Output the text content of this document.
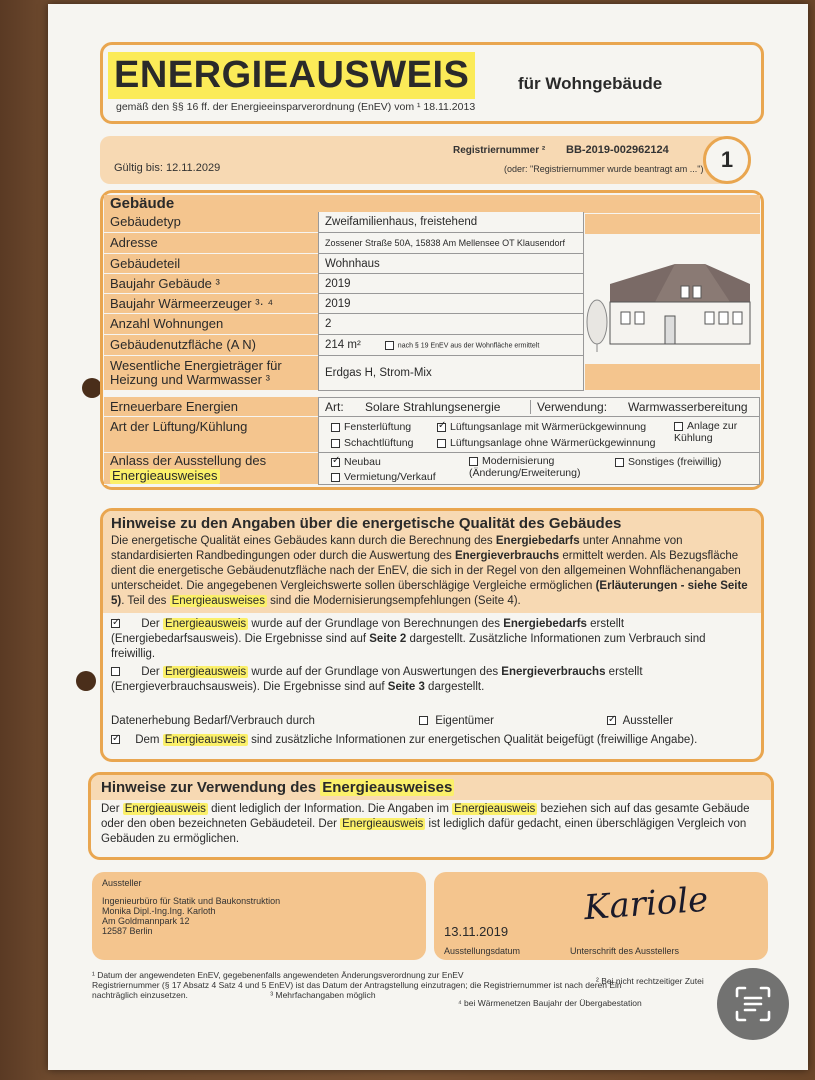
ENERGIEAUSWEIS	für Wohngebäude
gemäß den §§ 16 ff. der Energieeinsparverordnung (EnEV) vom ¹ 18.11.2013
Gültig bis: 12.11.2029
Registriernummer ² BB-2019-002962124
(oder: "Registriernummer wurde beantragt am ...") 1
Gebäude
Gebäudetyp	Zweifamilienhaus, freistehend
Adresse	Zossener Straße 50A, 15838 Am Mellensee OT Klausendorf
Gebäudeteil	Wohnhaus
Baujahr Gebäude ³	2019
Baujahr Wärmeerzeuger ³· ⁴	2019
Anzahl Wohnungen	2
Gebäudenutzfläche (A N)	214 m²	nach § 19 EnEV aus der Wohnfläche ermittelt
Wesentliche Energieträger für Heizung und Warmwasser ³	Erdgas H, Strom-Mix
Erneuerbare Energien	Art: Solare Strahlungsenergie	Verwendung:	Warmwasserbereitung
Art der Lüftung/Kühlung	Fensterlüftung ✓	Lüftungsanlage mit Wärmerückgewinnung	Anlage zur Kühlung
Schachtlüftung	Lüftungsanlage ohne Wärmerückgewinnung
Anlass der Ausstellung des
Energieausweises
✓Neubau	Modernisierung (Änderung/Erweiterung)
Sonstiges (freiwillig)
Vermietung/Verkauf
Hinweise zu den Angaben über die energetische Qualität des Gebäudes
Die energetische Qualität eines Gebäudes kann durch die Berechnung des Energiebedarfs unter Annahme von standardisierten Randbedingungen oder durch die Auswertung des Energieverbrauchs ermittelt werden. Als Bezugsfläche dient die energetische Gebäudenutzfläche nach der EnEV, die sich in der Regel von den allgemeinen Wohnflächenangaben unterscheidet. Die angegebenen Vergleichswerte sollen überschlägige Vergleiche ermöglichen (Erläuterungen - siehe Seite 5). Teil des Energieausweises sind die Modernisierungsempfehlungen (Seite 4).
✓ Der Energieausweis wurde auf der Grundlage von Berechnungen des Energiebedarfs erstellt (Energiebedarfsausweis). Die Ergebnisse sind auf Seite 2 dargestellt. Zusätzliche Informationen zum Verbrauch sind freiwillig.
Der Energieausweis wurde auf der Grundlage von Auswertungen des Energieverbrauchs erstellt (Energieverbrauchsausweis). Die Ergebnisse sind auf Seite 3 dargestellt.
Datenerhebung Bedarf/Verbrauch durch	Eigentümer ✓	Aussteller
✓ Dem Energieausweis sind zusätzliche Informationen zur energetischen Qualität beigefügt (freiwillige Angabe).
Hinweise zur Verwendung des Energieausweises
Der Energieausweis dient lediglich der Information. Die Angaben im Energieausweis beziehen sich auf das gesamte Gebäude oder den oben bezeichneten Gebäudeteil. Der Energieausweis ist lediglich dafür gedacht, einen überschlägigen Vergleich von Gebäuden zu ermöglichen.
Aussteller
Ingenieurbüro für Statik und Baukonstruktion
Monika Dipl.-Ing.Ing. Karloth
Am Goldmannpark 12
12587 Berlin	13.11.2019
Ausstellungsdatum	Unterschrift des Ausstellers
Kariole
¹ Datum der angewendeten EnEV, gegebenenfalls angewendeten Änderungsverordnung zur EnEV
Registriernummer (§ 17 Absatz 4 Satz 4 und 5 EnEV) ist das Datum der Antragstellung einzutragen; die Registriernummer ist nach deren Ein
nachträglich einzusetzen.	³ Mehrfachangaben möglich
² Bei nicht rechtzeitiger Zutei
⁴ bei Wärmenetzen Baujahr der Übergabestation
